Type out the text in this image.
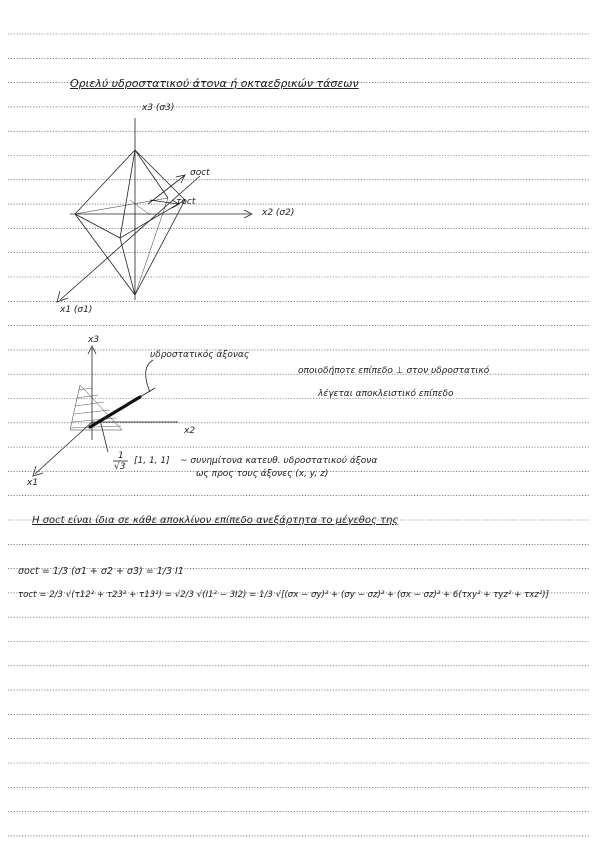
Οριελύ υδροστατικού άτονα ή οκταεδρικών τάσεων
x3 (σ3)
x2 (σ2)
x1 (σ1)
σoct
τoct
x3
x2
x1
υδροστατικός άξονας
οποιοδήποτε επίπεδο ⊥ στον υδροστατικό
λέγεται αποκλειστικό επίπεδο
1
√3
[1, 1, 1] ~ συνημίτονα κατευθ. υδροστατικού άξονα
ως προς τους άξονες (x, y, z)
Η σoct είναι ίδια σε κάθε αποκλίνον επίπεδο ανεξάρτητα το μέγεθος της
σoct = 1/3 (σ1 + σ2 + σ3) = 1/3 I1
τoct = 2/3 √(τ12² + τ23² + τ13²) = √2/3 √(I1² − 3I2) = 1/3 √[(σx − σy)² + (σy − σz)² + (σx − σz)² + 6(τxy² + τyz² + τxz²)]
